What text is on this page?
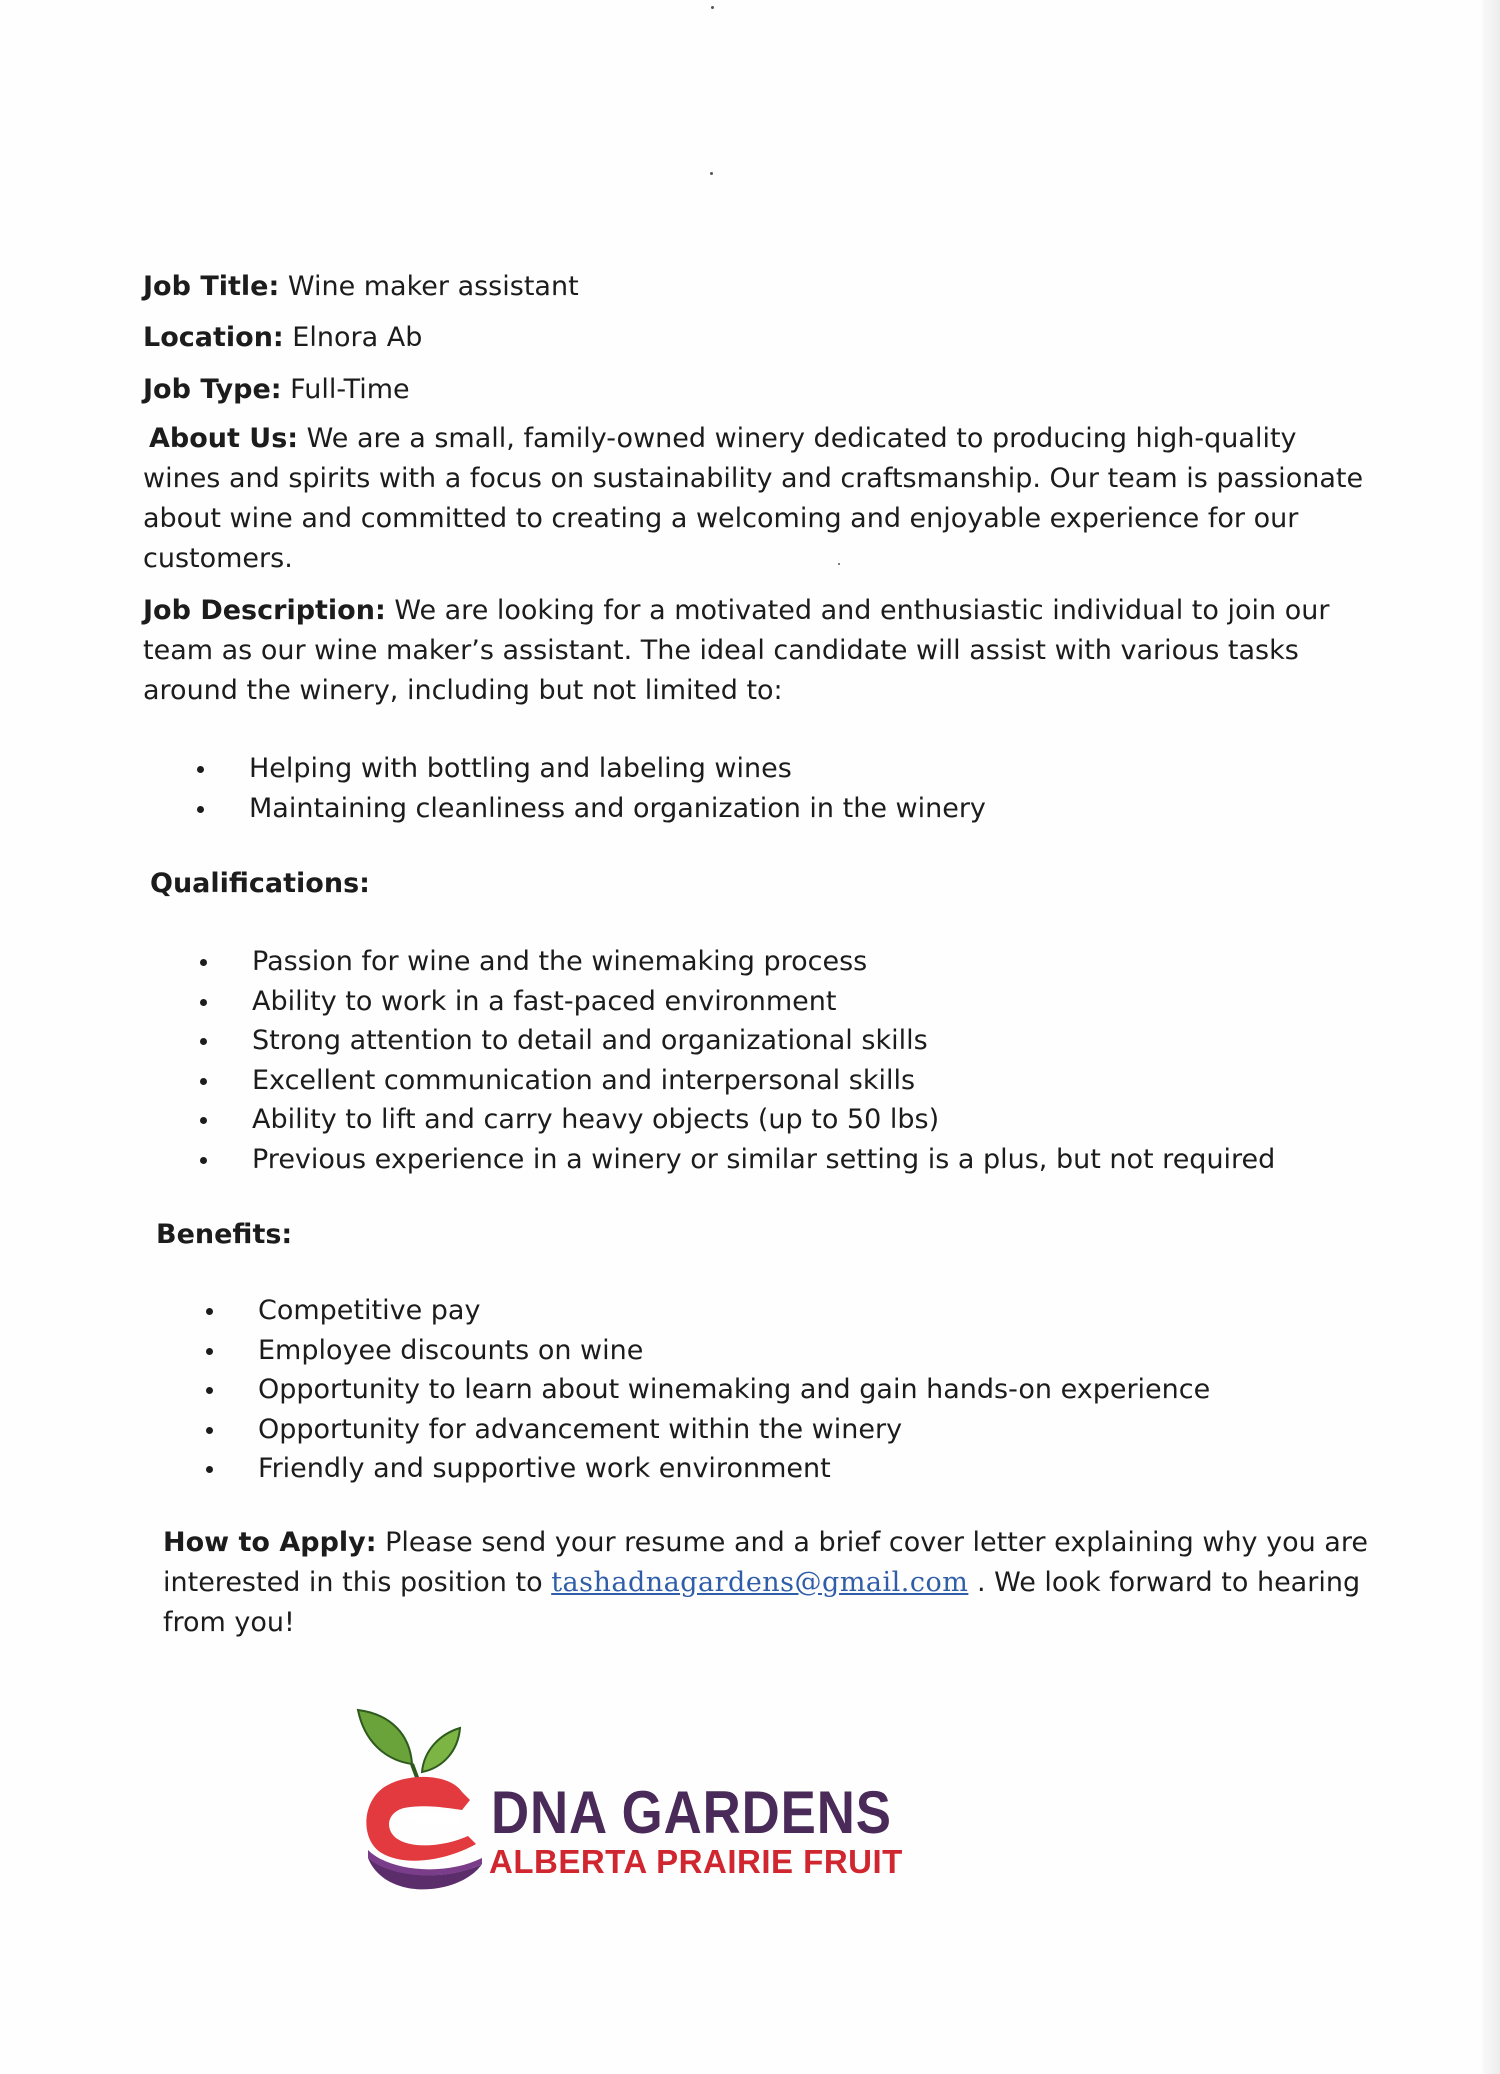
Job Title: Wine maker assistant
Location: Elnora Ab
Job Type: Full-Time
About Us: We are a small, family-owned winery dedicated to producing high-quality wines and spirits with a focus on sustainability and craftsmanship. Our team is passionate about wine and committed to creating a welcoming and enjoyable experience for our customers.
Job Description: We are looking for a motivated and enthusiastic individual to join our team as our wine maker’s assistant. The ideal candidate will assist with various tasks around the winery, including but not limited to:
Helping with bottling and labeling wines
Maintaining cleanliness and organization in the winery
Qualifications:
Passion for wine and the winemaking process
Ability to work in a fast-paced environment
Strong attention to detail and organizational skills
Excellent communication and interpersonal skills
Ability to lift and carry heavy objects (up to 50 lbs)
Previous experience in a winery or similar setting is a plus, but not required
Benefits:
Competitive pay
Employee discounts on wine
Opportunity to learn about winemaking and gain hands-on experience
Opportunity for advancement within the winery
Friendly and supportive work environment
How to Apply: Please send your resume and a brief cover letter explaining why you are interested in this position to tashadnagardens@gmail.com . We look forward to hearing from you!
DNA GARDENS
ALBERTA PRAIRIE FRUIT
